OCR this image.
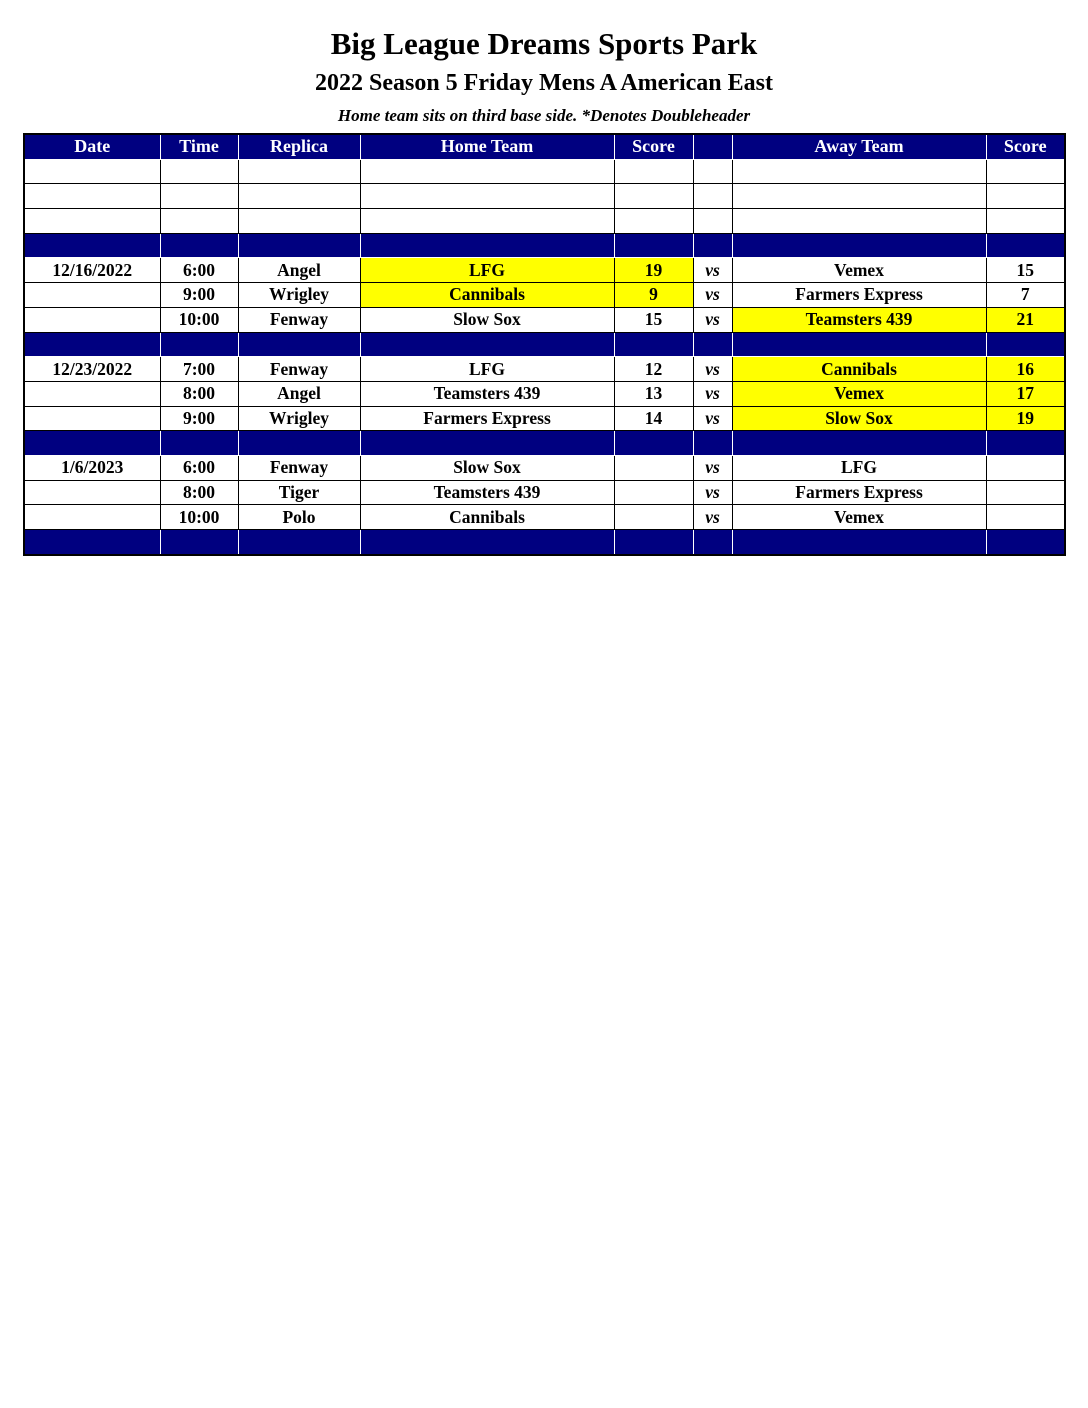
Big League Dreams Sports Park
2022 Season 5 Friday Mens A American East
Home team sits on third base side. *Denotes Doubleheader
Date	Time	Replica	Home Team	Score		Away Team	Score

12/16/2022	6:00	Angel	LFG	19	vs	Vemex	15
	9:00	Wrigley	Cannibals	9	vs	Farmers Express	7
	10:00	Fenway	Slow Sox	15	vs	Teamsters 439	21

12/23/2022	7:00	Fenway	LFG	12	vs	Cannibals	16
	8:00	Angel	Teamsters 439	13	vs	Vemex	17
	9:00	Wrigley	Farmers Express	14	vs	Slow Sox	19

1/6/2023	6:00	Fenway	Slow Sox		vs	LFG	
	8:00	Tiger	Teamsters 439		vs	Farmers Express	
	10:00	Polo	Cannibals		vs	Vemex	
